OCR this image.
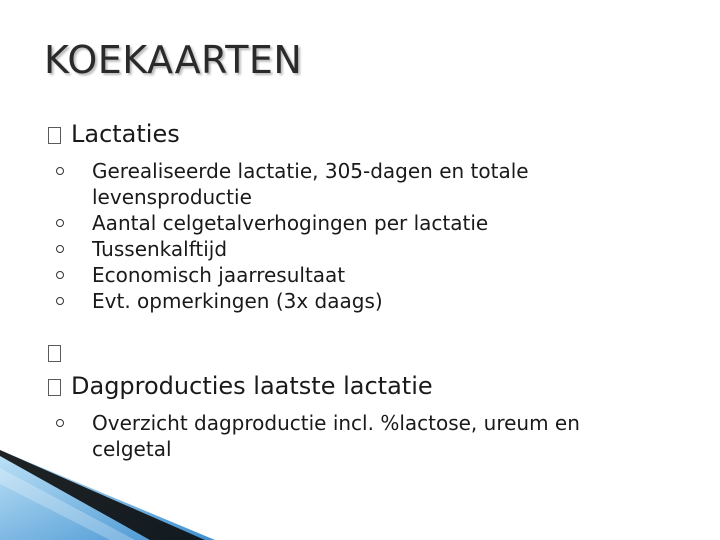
KOEKAARTEN
Lactaties
Gerealiseerde lactatie, 305-dagen en totale levensproductie
Aantal celgetalverhogingen per lactatie
Tussenkalftijd
Economisch jaarresultaat
Evt. opmerkingen (3x daags)
Dagproducties laatste lactatie
Overzicht dagproductie incl. %lactose, ureum en celgetal
